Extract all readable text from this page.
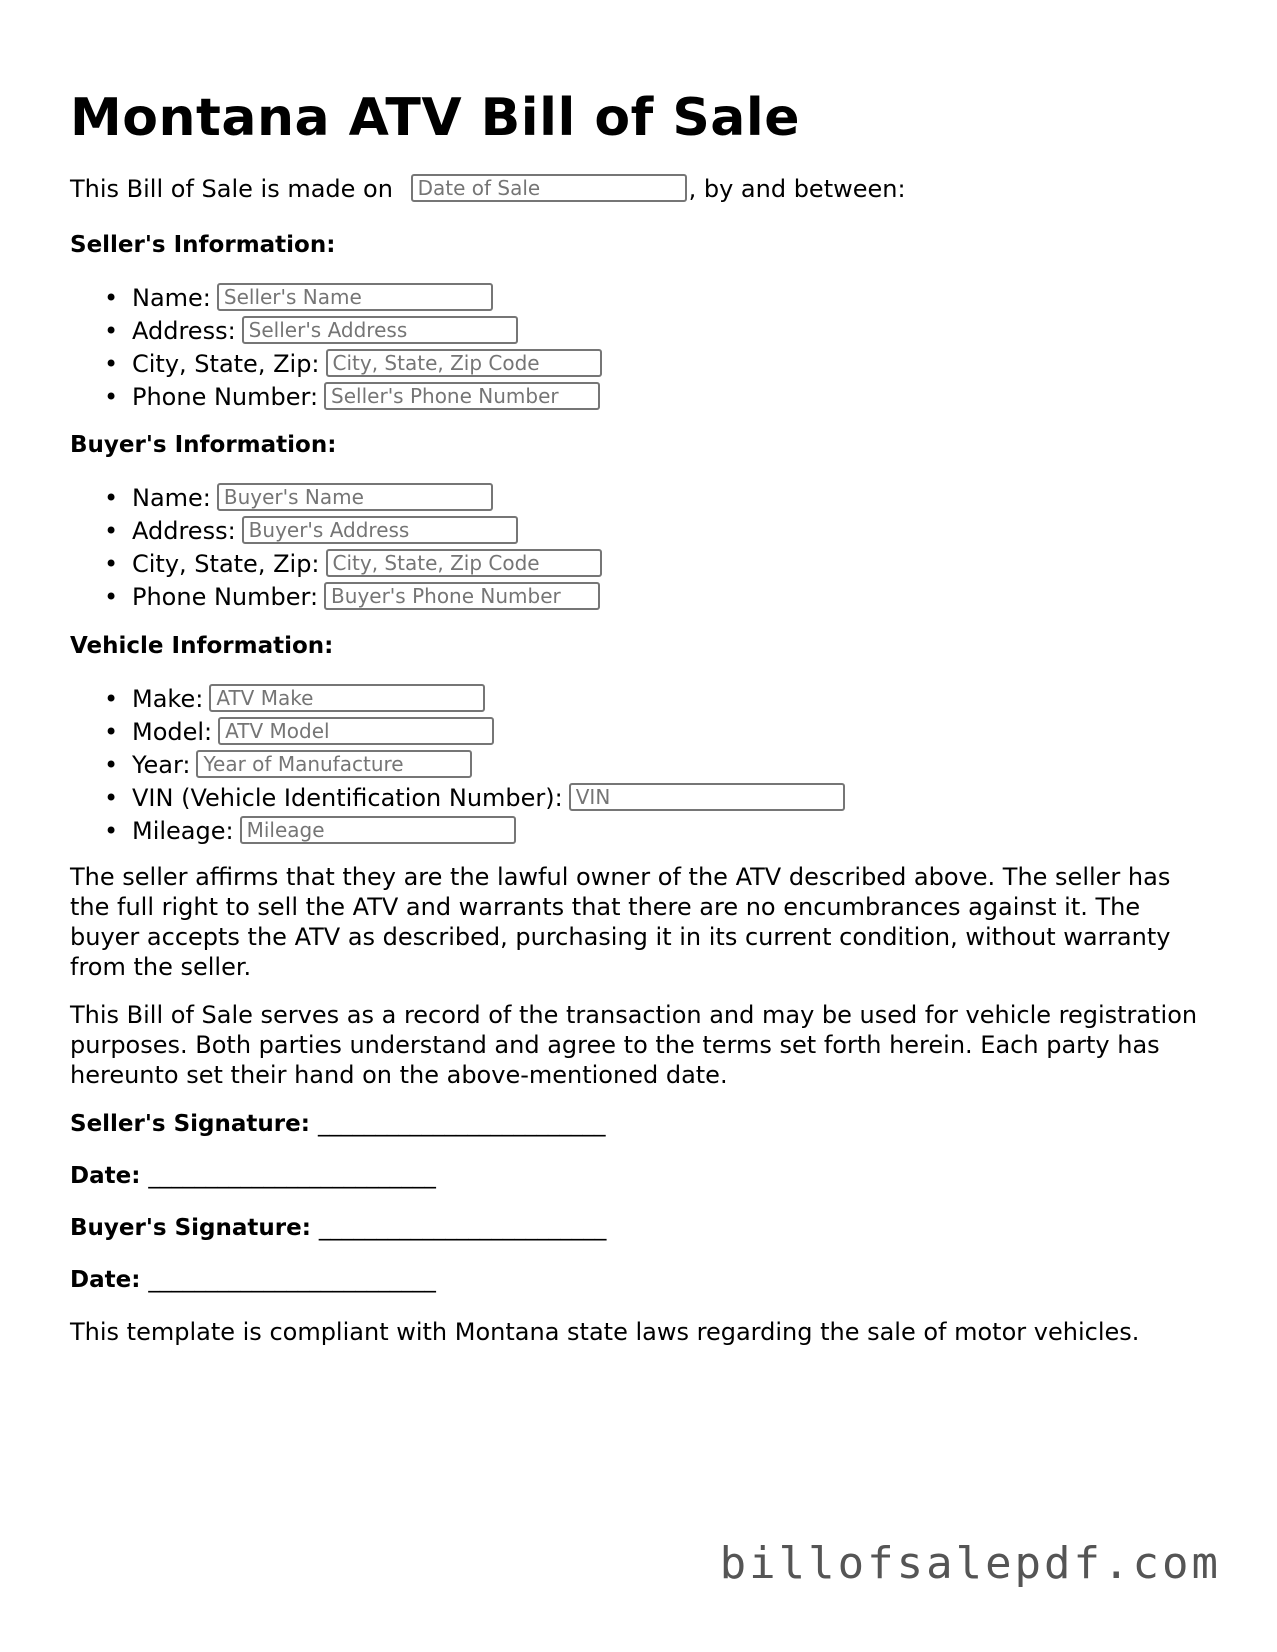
Montana ATV Bill of Sale
This Bill of Sale is made on Date of Sale	, by and between:
Seller's Information:
• Name:Seller's Name
• Address:Seller's Address
• City, State, Zip:City, State, Zip Code
• Phone Number:Seller's Phone Number
Buyer's Information:
• Name:Buyer's Name
• Address:Buyer's Address
• City, State, Zip:City, State, Zip Code
• Phone Number:Buyer's Phone Number
Vehicle Information:
• Make:ATV Make
• Model:ATV Model
• Year:Year of Manufacture
• VIN (Vehicle Identification Number):VIN
• Mileage:Mileage

The seller affirms that they are the lawful owner of the ATV described above. The seller has the full right to sell the ATV and warrants that there are no encumbrances against it. The buyer accepts the ATV as described, purchasing it in its current condition, without warranty from the seller.

This Bill of Sale serves as a record of the transaction and may be used for vehicle registration purposes. Both parties understand and agree to the terms set forth herein. Each party has hereunto set their hand on the above-mentioned date.

Seller's Signature: _________________________
Date: _________________________
Buyer's Signature: _________________________
Date: _________________________
This template is compliant with Montana state laws regarding the sale of motor vehicles.
billofsalepdf.com
